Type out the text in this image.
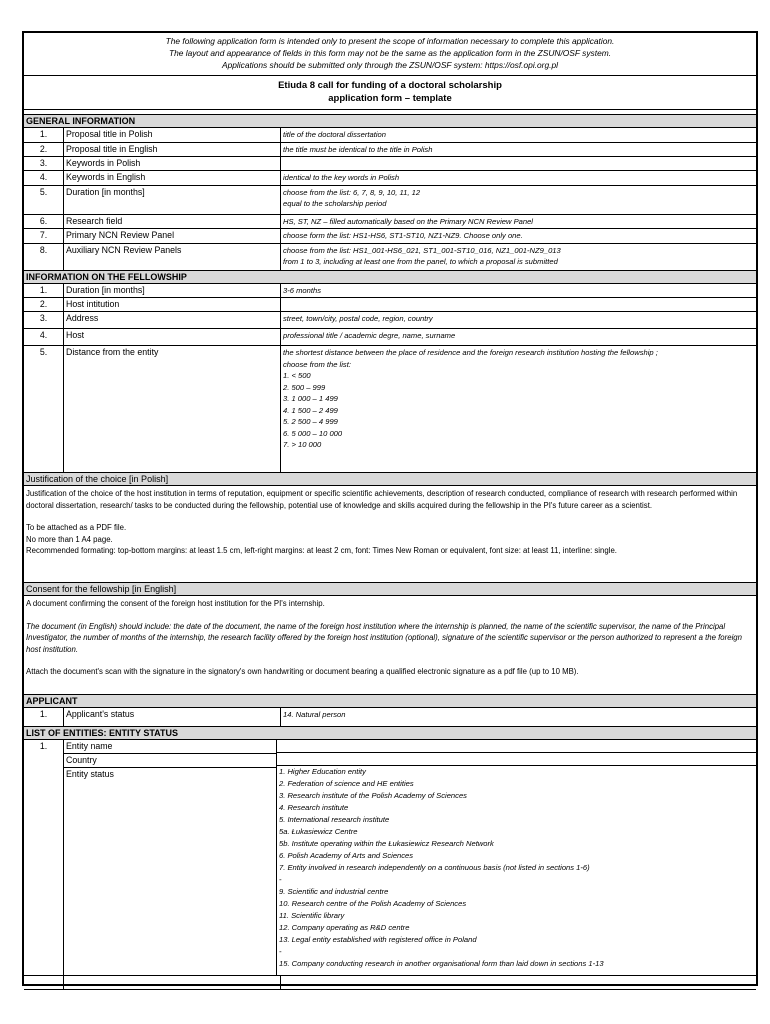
The following application form is intended only to present the scope of information necessary to complete this application.
The layout and appearance of fields in this form may not be the same as the application form in the ZSUN/OSF system.
Applications should be submitted only through the ZSUN/OSF system: https://osf.opi.org.pl
Etiuda 8 call for funding of a doctoral scholarship
application form – template
GENERAL INFORMATION
1.	Proposal title in Polish	title of the doctoral dissertation
2.	Proposal title in English	the title must be identical to the title in Polish
3.	Keywords in Polish
4.	Keywords in English	identical to the key words in Polish
5.	Duration [in months]	choose from the list: 6, 7, 8, 9, 10, 11, 12
equal to the scholarship period
6.	Research field	HS, ST, NZ – filled automatically based on the Primary NCN Review Panel
7.	Primary NCN Review Panel	choose form the list: HS1-HS6, ST1-ST10, NZ1-NZ9. Choose only one.
8.	Auxiliary NCN Review Panels	choose from the list: HS1_001-HS6_021, ST1_001-ST10_016, NZ1_001-NZ9_013
from 1 to 3, including at least one from the panel, to which a proposal is submitted
INFORMATION ON THE FELLOWSHIP
1.	Duration [in months]	3-6 months
2.	Host intitution
3.	Address	street, town/city, postal code, region, country
4.	Host	professional title / academic degre, name, surname
5.	Distance from the entity	the shortest distance between the place of residence and the foreign research institution hosting the fellowship ;
choose from the list:
1. < 500
2. 500 – 999
3. 1 000 – 1 499
4. 1 500 – 2 499
5. 2 500 – 4 999
6. 5 000 – 10 000
7. > 10 000
Justification of the choice [in Polish]

Justification of the choice of the host institution in terms of reputation, equipment or specific scientific achievements, description of research conducted, compliance of research with research performed within doctoral dissertation, research/ tasks to be conducted during the fellowship, potential use of knowledge and skills acquired during the fellowship in the PI's future career as a scientist.

To be attached as a PDF file.

No more than 1 A4 page.

Recommended formating: top-bottom margins: at least 1.5 cm, left-right margins: at least 2 cm, font: Times New Roman or equivalent, font size: at least 11, interline: single.

Consent for the fellowship [in English]

A document confirming the consent of the foreign host institution for the PI's internship.

The document (in English) should include: the date of the document, the name of the foreign host institution where the internship is planned, the name of the scientific supervisor, the name of the Principal Investigator, the number of months of the internship, the research facility offered by the foreign host institution (optional), signature of the scientific supervisor or the person authorized to represent a the foreign host institution.

Attach the document's scan with the signature in the signatory's own handwriting or document bearing a qualified electronic signature as a pdf file (up to 10 MB).

APPLICANT
1.	Applicant's status	14. Natural person
LIST OF ENTITIES: ENTITY STATUS
1.	Entity name
Country
Entity status	1. Higher Education entity
2. Federation of science and HE entities
3. Research institute of the Polish Academy of Sciences
4. Research institute
5. International research institute
5a. Łukasiewicz Centre
5b. Institute operating within the Łukasiewicz Research Network
6. Polish Academy of Arts and Sciences
7. Entity involved in research independently on a continuous basis (not listed in sections 1-6)
-
9. Scientific and industrial centre
10. Research centre of the Polish Academy of Sciences
11. Scientific library
12. Company operating as R&D centre
13. Legal entity established with registered office in Poland
-
15. Company conducting research in another organisational form than laid down in sections 1-13
...
